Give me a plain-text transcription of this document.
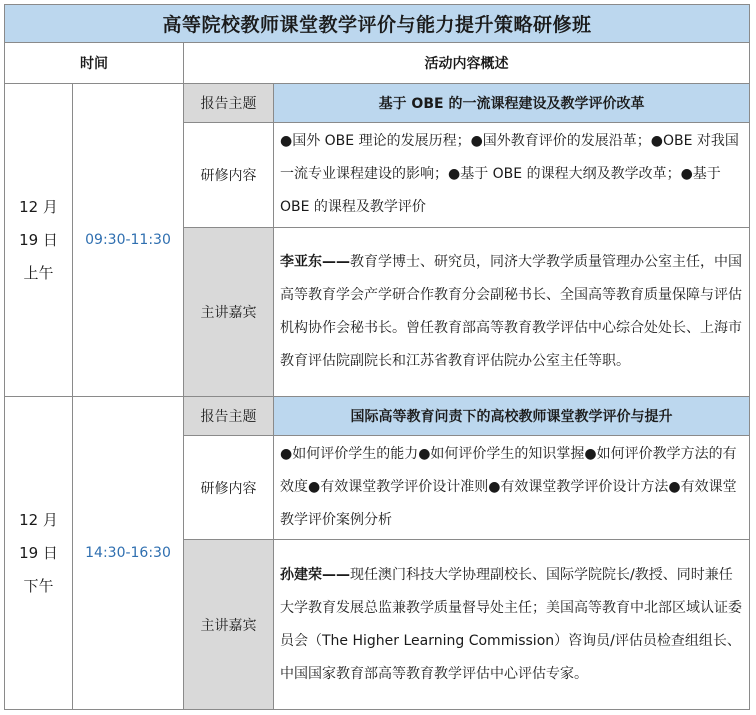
高等院校教师课堂教学评价与能力提升策略研修班			
时间		活动内容概述	

12 月
19 日
上午	09:30-11:30	报告主题	基于 OBE 的一流课程建设及教学评价改革
		研修内容	●国外 OBE 理论的发展历程；●国外教育评价的发展沿革；●OBE 对我国一流专业课程建设的影响；●基于 OBE 的课程大纲及教学改革；●基于 OBE 的课程及教学评价
		主讲嘉宾	李亚东——教育学博士、研究员，同济大学教学质量管理办公室主任，中国高等教育学会产学研合作教育分会副秘书长、全国高等教育质量保障与评估机构协作会秘书长。曾任教育部高等教育教学评估中心综合处处长、上海市教育评估院副院长和江苏省教育评估院办公室主任等职。

12 月
19 日
下午	14:30-16:30	报告主题	国际高等教育问责下的高校教师课堂教学评价与提升
		研修内容	●如何评价学生的能力●如何评价学生的知识掌握●如何评价教学方法的有效度●有效课堂教学评价设计准则●有效课堂教学评价设计方法●有效课堂教学评价案例分析
		主讲嘉宾	孙建荣——现任澳门科技大学协理副校长、国际学院院长/教授、同时兼任大学教育发展总监兼教学质量督导处主任；美国高等教育中北部区域认证委员会（The Higher Learning Commission）咨询员/评估员检查组组长、中国国家教育部高等教育教学评估中心评估专家。
